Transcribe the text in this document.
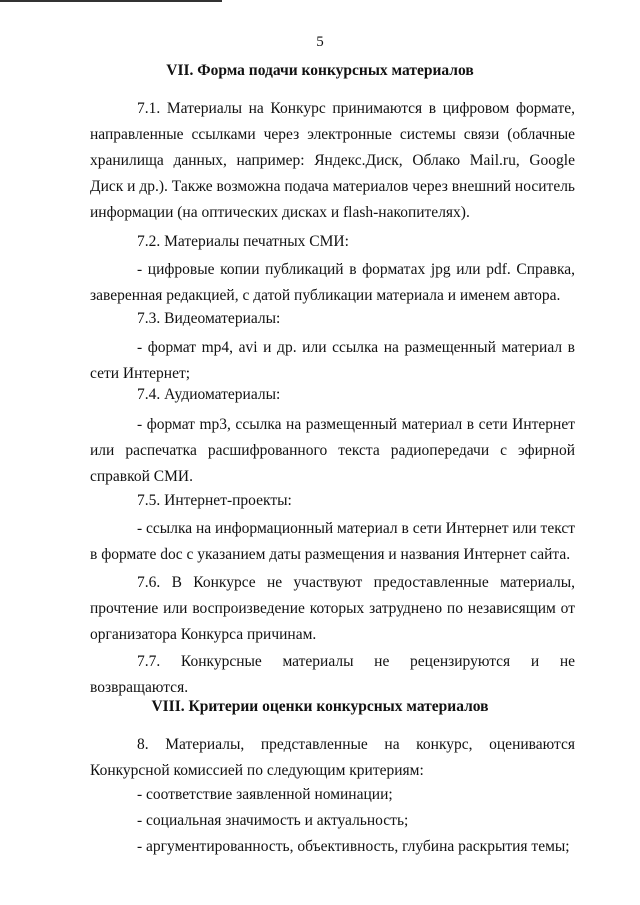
5
VII. Форма подачи конкурсных материалов
7.1. Материалы на Конкурс принимаются в цифровом формате, направленные ссылками через электронные системы связи (облачные хранилища данных, например: Яндекс.Диск, Облако Mail.ru, Google Диск и др.). Также возможна подача материалов через внешний носитель информации (на оптических дисках и flash-накопителях).
7.2. Материалы печатных СМИ:
- цифровые копии публикаций в форматах jpg или pdf. Справка, заверенная редакцией, с датой публикации материала и именем автора.
7.3. Видеоматериалы:
- формат mp4, avi и др. или ссылка на размещенный материал в сети Интернет;
7.4. Аудиоматериалы:
- формат mp3, ссылка на размещенный материал в сети Интернет или распечатка расшифрованного текста радиопередачи с эфирной справкой СМИ.
7.5. Интернет-проекты:
- ссылка на информационный материал в сети Интернет или текст в формате doc с указанием даты размещения и названия Интернет сайта.
7.6. В Конкурсе не участвуют предоставленные материалы, прочтение или воспроизведение которых затруднено по независящим от организатора Конкурса причинам.
7.7. Конкурсные материалы не рецензируются и не возвращаются.
VIII. Критерии оценки конкурсных материалов
8. Материалы, представленные на конкурс, оцениваются Конкурсной комиссией по следующим критериям:
- соответствие заявленной номинации;
- социальная значимость и актуальность;
- аргументированность, объективность, глубина раскрытия темы;
